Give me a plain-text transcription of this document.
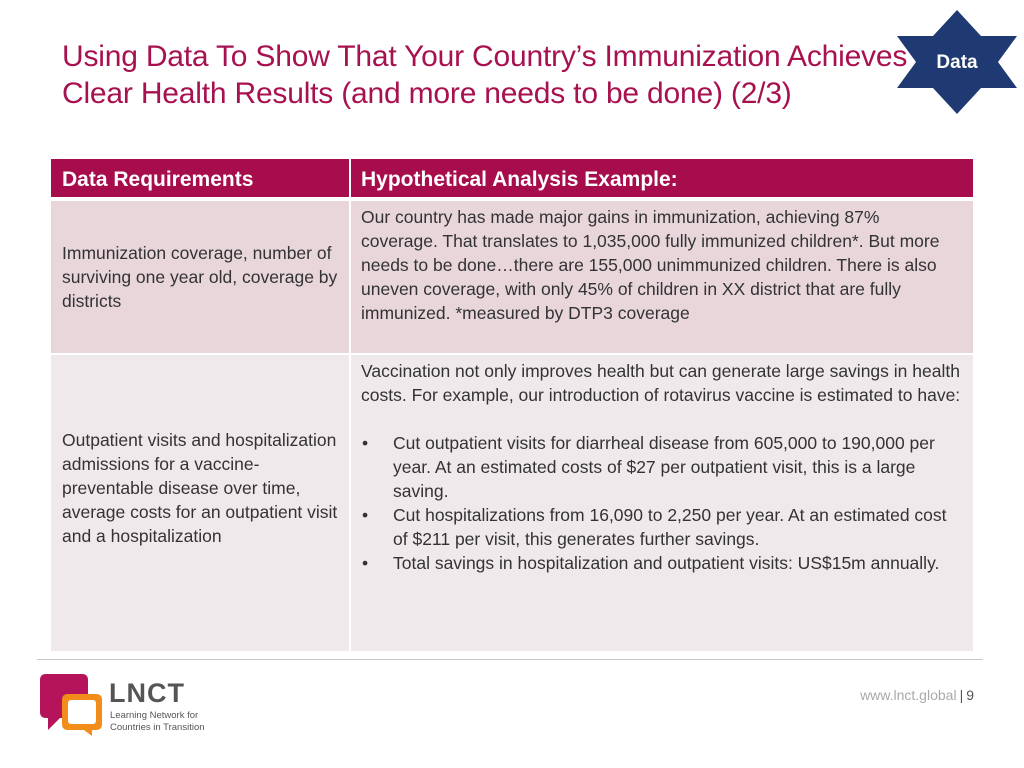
Using Data To Show That Your Country’s Immunization Achieves Clear Health Results (and more needs to be done) (2/3)
Data
Data Requirements	Hypothetical Analysis Example:
Immunization coverage, number of surviving one year old, coverage by districts

Our country has made major gains in immunization, achieving 87% coverage. That translates to 1,035,000 fully immunized children*. But more needs to be done…there are 155,000 unimmunized children. There is also uneven coverage, with only 45% of children in XX district that are fully immunized. *measured by DTP3 coverage

Outpatient visits and hospitalization admissions for a vaccine-preventable disease over time, average costs for an outpatient visit and a hospitalization

Vaccination not only improves health but can generate large savings in health costs. For example, our introduction of rotavirus vaccine is estimated to have:

• Cut outpatient visits for diarrheal disease from 605,000 to 190,000 per year. At an estimated costs of $27 per outpatient visit, this is a large saving.
• Cut hospitalizations from 16,090 to 2,250 per year. At an estimated cost of $211 per visit, this generates further savings.
• Total savings in hospitalization and outpatient visits: US$15m annually.
LNCT
Learning Network for Countries in Transition
www.lnct.global | 9
